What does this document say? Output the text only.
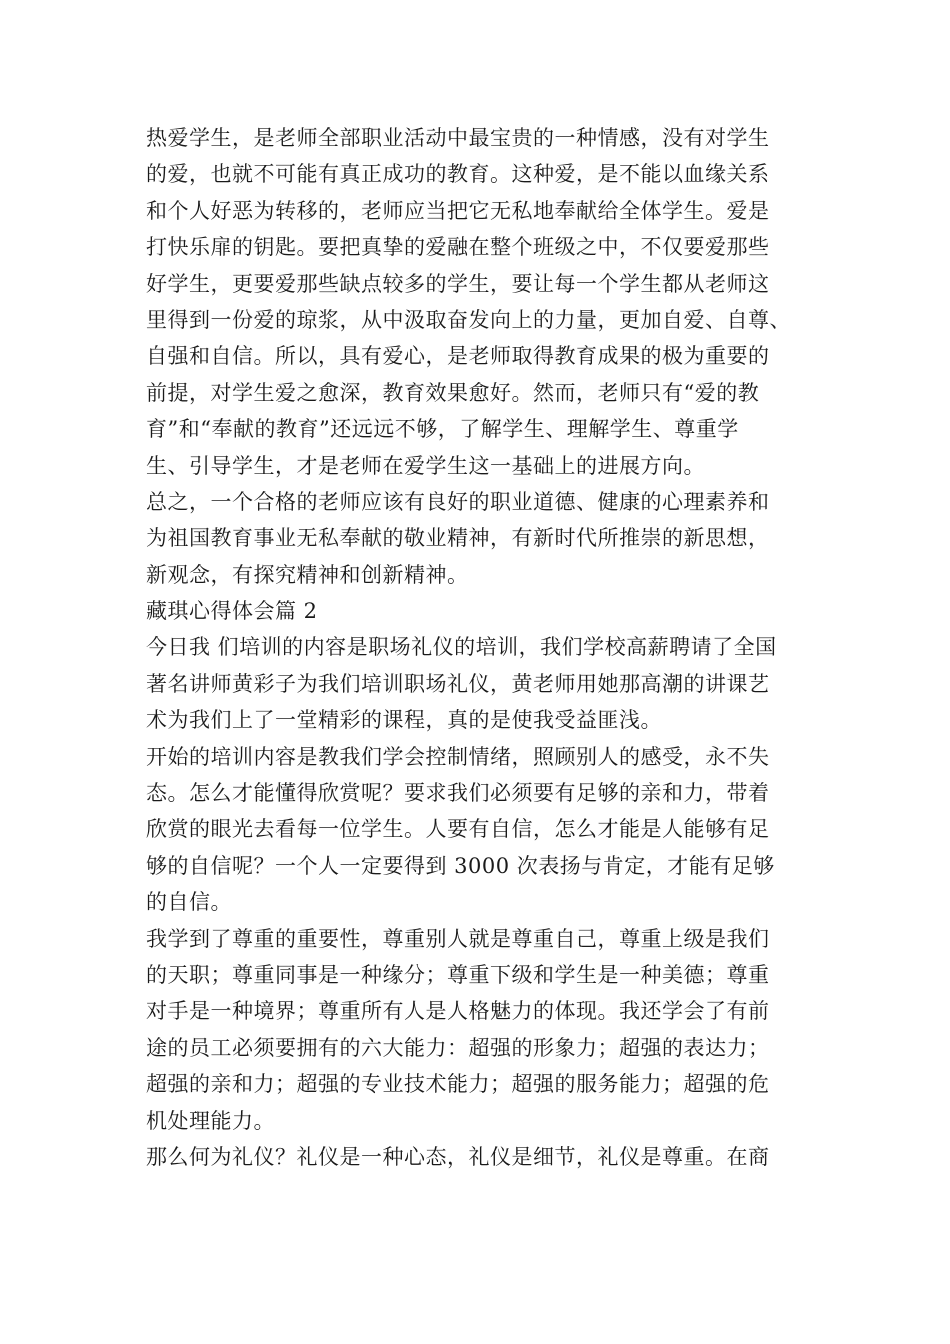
热爱学生，是老师全部职业活动中最宝贵的一种情感，没有对学生
的爱，也就不可能有真正成功的教育。这种爱，是不能以血缘关系
和个人好恶为转移的，老师应当把它无私地奉献给全体学生。爱是
打快乐扉的钥匙。要把真挚的爱融在整个班级之中，不仅要爱那些
好学生，更要爱那些缺点较多的学生，要让每一个学生都从老师这
里得到一份爱的琼浆，从中汲取奋发向上的力量，更加自爱、自尊、
自强和自信。所以，具有爱心，是老师取得教育成果的极为重要的
前提，对学生爱之愈深，教育效果愈好。然而，老师只有“爱的教
育”和“奉献的教育”还远远不够，了解学生、理解学生、尊重学
生、引导学生，才是老师在爱学生这一基础上的进展方向。
总之，一个合格的老师应该有良好的职业道德、健康的心理素养和
为祖国教育事业无私奉献的敬业精神，有新时代所推崇的新思想，
新观念，有探究精神和创新精神。
藏琪心得体会篇 2
今日我 们培训的内容是职场礼仪的培训，我们学校高薪聘请了全国
著名讲师黄彩子为我们培训职场礼仪，黄老师用她那高潮的讲课艺
术为我们上了一堂精彩的课程，真的是使我受益匪浅。
开始的培训内容是教我们学会控制情绪，照顾别人的感受，永不失
态。怎么才能懂得欣赏呢？要求我们必须要有足够的亲和力，带着
欣赏的眼光去看每一位学生。人要有自信，怎么才能是人能够有足
够的自信呢？一个人一定要得到 3000 次表扬与肯定，才能有足够
的自信。
我学到了尊重的重要性，尊重别人就是尊重自己，尊重上级是我们
的天职；尊重同事是一种缘分；尊重下级和学生是一种美德；尊重
对手是一种境界；尊重所有人是人格魅力的体现。我还学会了有前
途的员工必须要拥有的六大能力：超强的形象力；超强的表达力；
超强的亲和力；超强的专业技术能力；超强的服务能力；超强的危
机处理能力。
那么何为礼仪？礼仪是一种心态，礼仪是细节，礼仪是尊重。在商
